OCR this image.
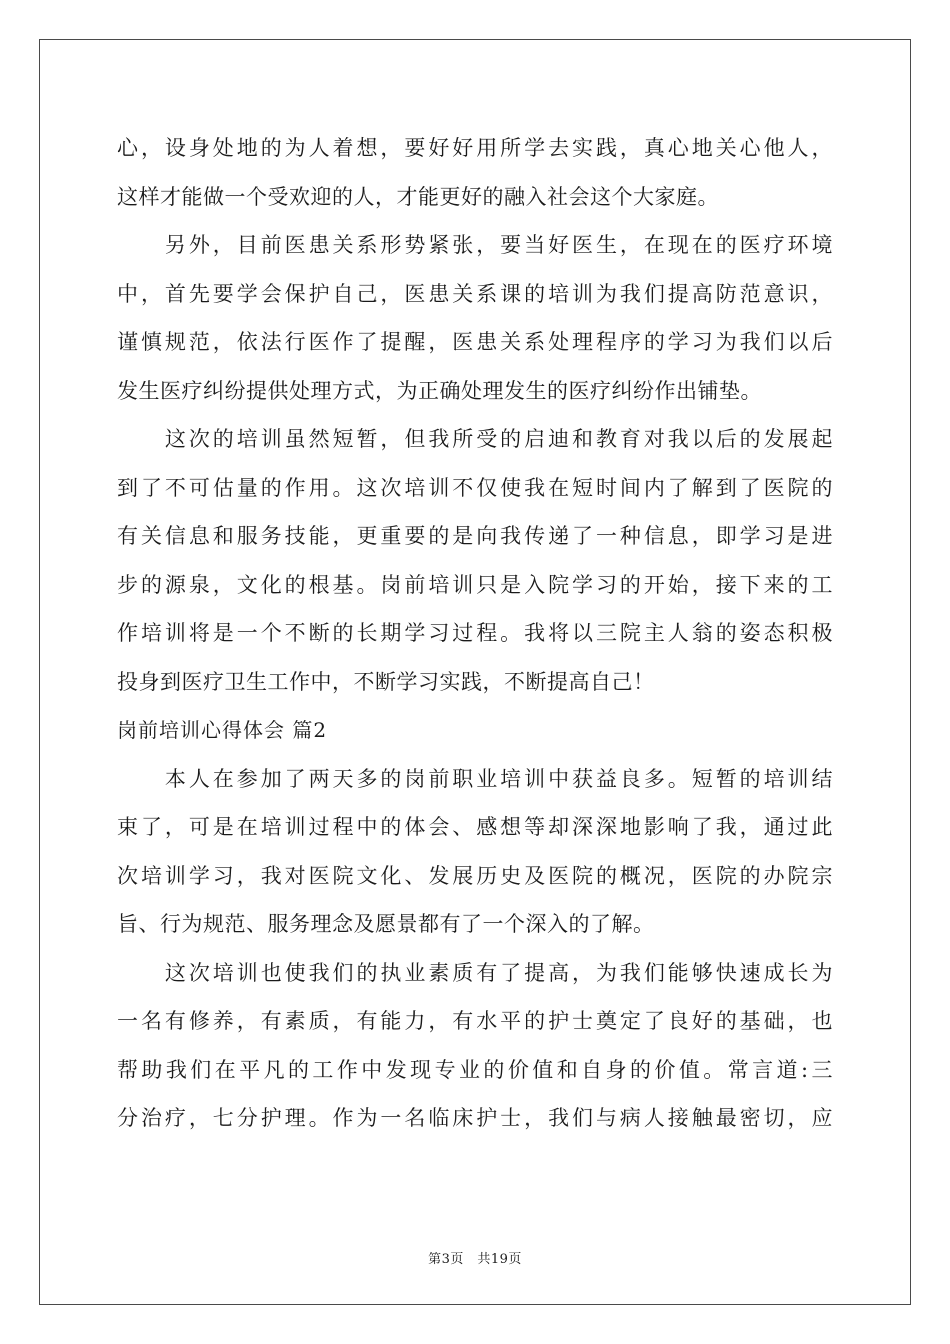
心，设身处地的为人着想，要好好用所学去实践，真心地关心他人，
这样才能做一个受欢迎的人，才能更好的融入社会这个大家庭。
　　另外，目前医患关系形势紧张，要当好医生，在现在的医疗环境
中，首先要学会保护自己，医患关系课的培训为我们提高防范意识，
谨慎规范，依法行医作了提醒，医患关系处理程序的学习为我们以后
发生医疗纠纷提供处理方式，为正确处理发生的医疗纠纷作出铺垫。
　　这次的培训虽然短暂，但我所受的启迪和教育对我以后的发展起
到了不可估量的作用。这次培训不仅使我在短时间内了解到了医院的
有关信息和服务技能，更重要的是向我传递了一种信息，即学习是进
步的源泉，文化的根基。岗前培训只是入院学习的开始，接下来的工
作培训将是一个不断的长期学习过程。我将以三院主人翁的姿态积极
投身到医疗卫生工作中，不断学习实践，不断提高自己！
岗前培训心得体会 篇2
　　本人在参加了两天多的岗前职业培训中获益良多。短暂的培训结
束了，可是在培训过程中的体会、感想等却深深地影响了我，通过此
次培训学习，我对医院文化、发展历史及医院的概况，医院的办院宗
旨、行为规范、服务理念及愿景都有了一个深入的了解。
　　这次培训也使我们的执业素质有了提高，为我们能够快速成长为
一名有修养，有素质，有能力，有水平的护士奠定了良好的基础，也
帮助我们在平凡的工作中发现专业的价值和自身的价值。常言道:三
分治疗，七分护理。作为一名临床护士，我们与病人接触最密切，应
第3页　共19页
